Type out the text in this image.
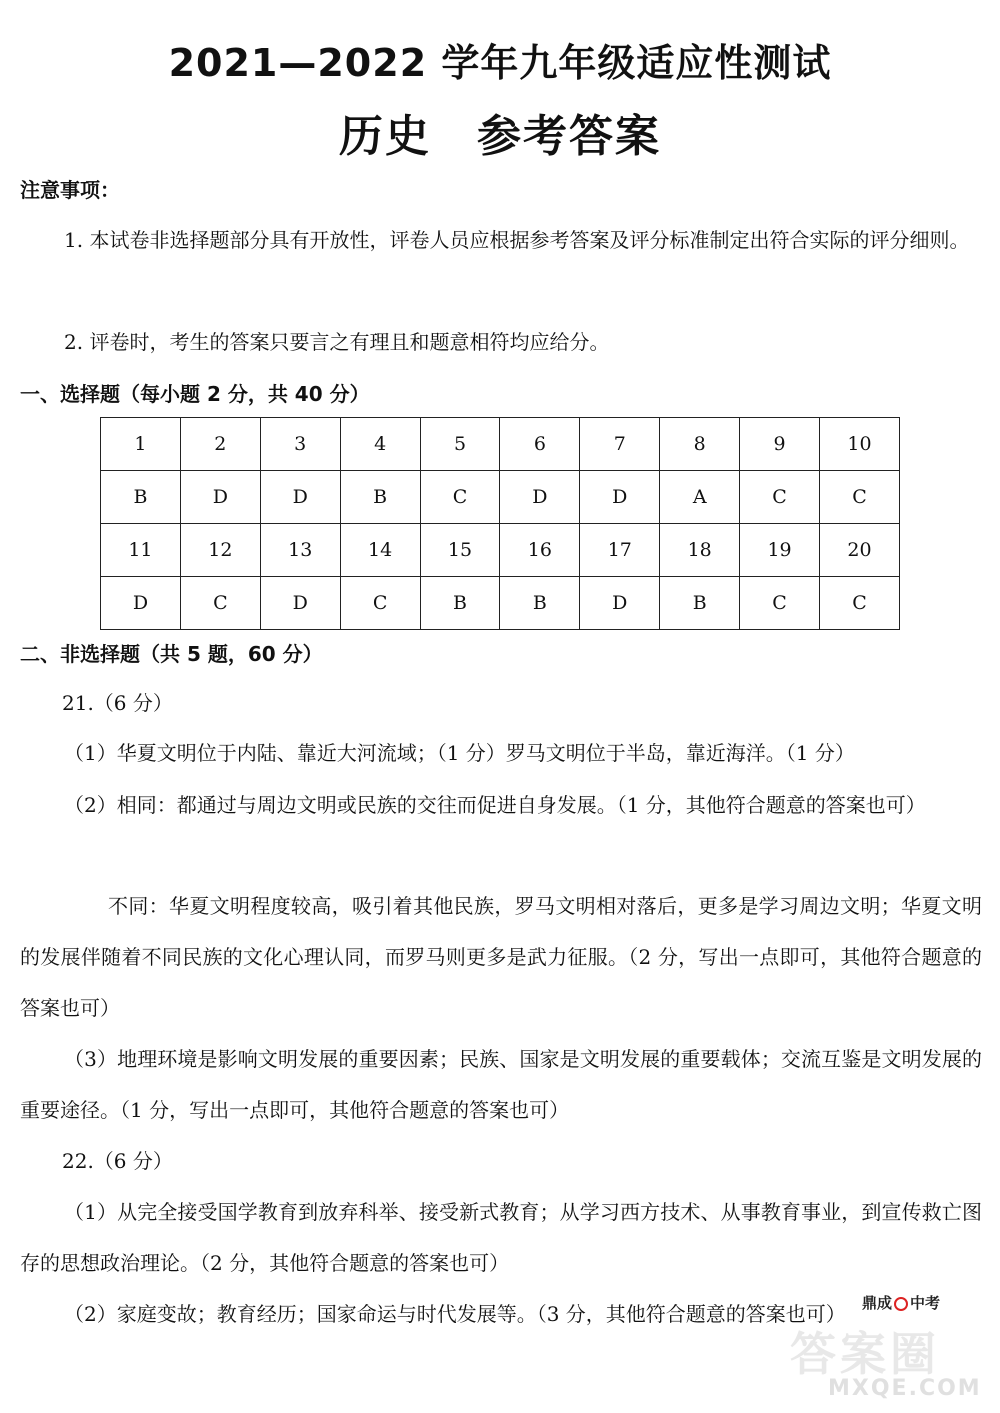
2021—2022 学年九年级适应性测试
历史　参考答案
注意事项：
1. 本试卷非选择题部分具有开放性，评卷人员应根据参考答案及评分标准制定出符合实际的评分细则。
2. 评卷时，考生的答案只要言之有理且和题意相符均应给分。
一、选择题（每小题 2 分，共 40 分）
1	2	3	4	5	6	7	8	9	10
B	D	D	B	C	D	D	A	C	C
11	12	13	14	15	16	17	18	19	20
D	C	D	C	B	B	D	B	C	C
二、非选择题（共 5 题，60 分）
21.（6 分）
（1）华夏文明位于内陆、靠近大河流域；（1 分）罗马文明位于半岛，靠近海洋。（1 分）
（2）相同：都通过与周边文明或民族的交往而促进自身发展。（1 分，其他符合题意的答案也可）
不同：华夏文明程度较高，吸引着其他民族，罗马文明相对落后，更多是学习周边文明；华夏文明的发展伴随着不同民族的文化心理认同，而罗马则更多是武力征服。（2 分，写出一点即可，其他符合题意的答案也可）
（3）地理环境是影响文明发展的重要因素；民族、国家是文明发展的重要载体；交流互鉴是文明发展的重要途径。（1 分，写出一点即可，其他符合题意的答案也可）
22.（6 分）
（1）从完全接受国学教育到放弃科举、接受新式教育；从学习西方技术、从事教育事业，到宣传救亡图存的思想政治理论。（2 分，其他符合题意的答案也可）
（2）家庭变故；教育经历；国家命运与时代发展等。（3 分，其他符合题意的答案也可）	鼎成 中考
答案圈
MXQE.COM
